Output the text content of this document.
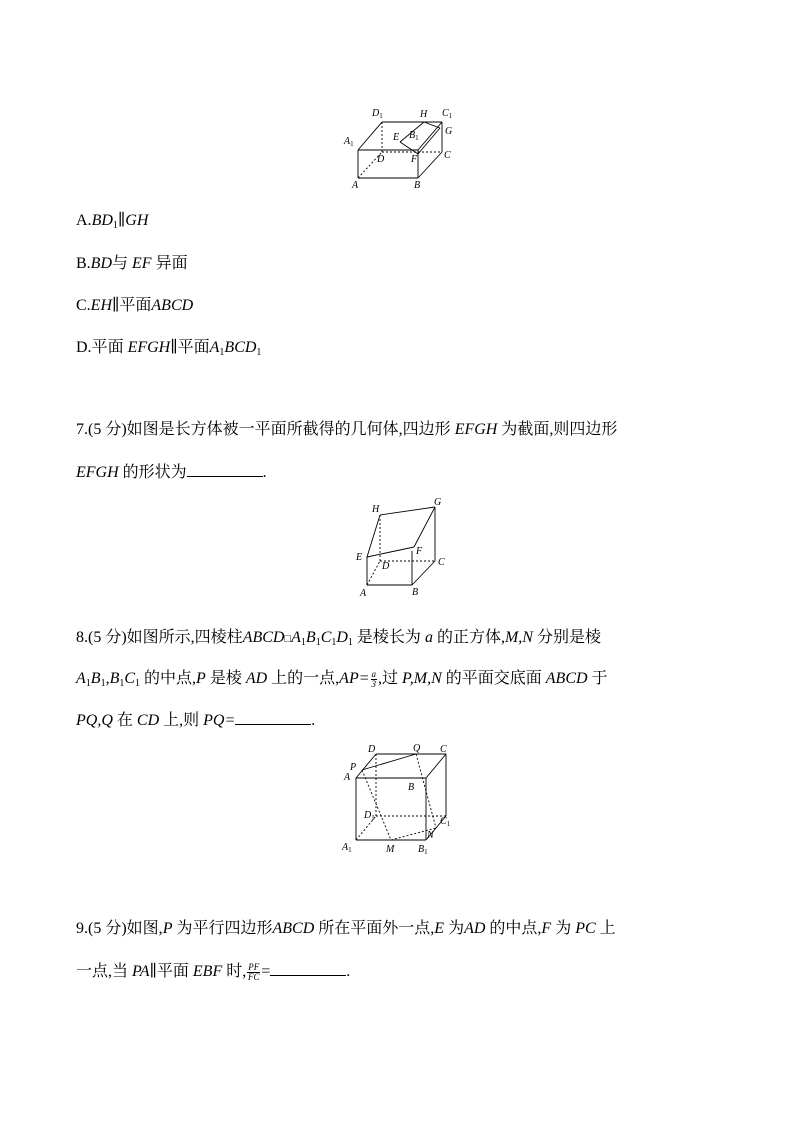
$D_1$	H $C_1$
$A_1$
E $B_1$
G
D	F	C
A	B
$A.BD_1\parallel GH$
B.BD与 EF 异面
C.EH∥平面ABCD
D.平面 EFGH∥平面$A_1BCD_1$
7.(5 分)如图是长方体被一平面所截得的几何体,四边形 EFGH 为截面,则四边形
EFGH 的形状为	.
H
G
E
F
D	C
A	B
8.(5 分)如图所示,四棱柱$ABCD□A_1B_1C_1D_1$ 是棱长为 a 的正方体,M,N 分别是棱
$A_1B_1,B_1C_1$ 的中点,P 是棱 AD 上的一点$,AP= \frac{a}{3}$ ,过 P,M,N 的平面交底面 ABCD 于
PQ,Q 在 CD 上,则 PQ=	.
D	Q C
P
A
B
$D_1$	$C_1$
N
$A_1$	M $B_1$
9.(5 分)如图,P 为平行四边形ABCD 所在平面外一点,E 为AD 的中点,F 为 PC 上
一点,当 PA∥平面 EBF 时, $\frac{PF}{FC}$ =	.
